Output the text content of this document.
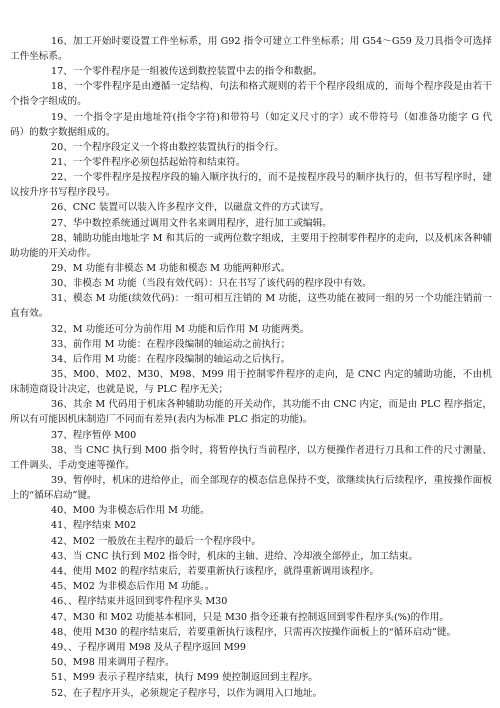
16、加工开始时要设置工件坐标系，用 G92 指令可建立工件坐标系；用 G54～G59 及刀具指令可选择工件坐标系。

17、一个零件程序是一组被传送到数控装置中去的指令和数据。

18、一个零件程序是由遵循一定结构、句法和格式规则的若干个程序段组成的，而每个程序段是由若干个指令字组成的。

19、一个指令字是由地址符(指令字符)和带符号（如定义尺寸的字）或不带符号（如准备功能字 G 代码）的数字数据组成的。

20、一个程序段定义一个将由数控装置执行的指令行。

21、一个零件程序必须包括起始符和结束符。

22、一个零件程序是按程序段的输入顺序执行的，而不是按程序段号的顺序执行的，但书写程序时，建议按升序书写程序段号。

26、CNC 装置可以装入许多程序文件，以磁盘文件的方式读写。

27、华中数控系统通过调用文件名来调用程序，进行加工或编辑。

28、辅助功能由地址字 M 和其后的一或两位数字组成，主要用于控制零件程序的走向，以及机床各种辅助功能的开关动作。

29、M 功能有非模态 M 功能和模态 M 功能两种形式。

30、非模态 M 功能（当段有效代码）：只在书写了该代码的程序段中有效。

31、模态 M 功能(续效代码)：一组可相互注销的 M 功能，这些功能在被同一组的另一个功能注销前一直有效。

32、M 功能还可分为前作用 M 功能和后作用 M 功能两类。

33、前作用 M 功能：在程序段编制的轴运动之前执行；

34、后作用 M 功能：在程序段编制的轴运动之后执行。

35、M00、M02、M30、M98、M99 用于控制零件程序的走向，是 CNC 内定的辅助功能，不由机床制造商设计决定，也就是说，与 PLC 程序无关；

36、其余 M 代码用于机床各种辅助功能的开关动作，其功能不由 CNC 内定，而是由 PLC 程序指定，所以有可能因机床制造厂不同而有差异(表内为标准 PLC 指定的功能)。

37、程序暂停 M00

38、当 CNC 执行到 M00 指令时，将暂停执行当前程序，以方便操作者进行刀具和工件的尺寸测量、工件调头、手动变速等操作。

39、暂停时，机床的进给停止，而全部现存的模态信息保持不变，欲继续执行后续程序，重按操作面板上的“循环启动”键。

40、M00 为非模态后作用 M 功能。

41、程序结束 M02

42、M02 一般放在主程序的最后一个程序段中。

43、当 CNC 执行到 M02 指令时，机床的主轴、进给、冷却液全部停止，加工结束。

44、使用 M02 的程序结束后，若要重新执行该程序，就得重新调用该程序。

45、M02 为非模态后作用 M 功能。。

46、、程序结束并返回到零件程序头 M30

47、M30 和 M02 功能基本相同，只是 M30 指令还兼有控制返回到零件程序头(%)的作用。

48、使用 M30 的程序结束后，若要重新执行该程序，只需再次按操作面板上的“循环启动”键。

49、、子程序调用 M98 及从子程序返回 M99

50、M98 用来调用子程序。

51、M99 表示子程序结束，执行 M99 使控制返回到主程序。

52、在子程序开头，必须规定子程序号，以作为调用入口地址。
